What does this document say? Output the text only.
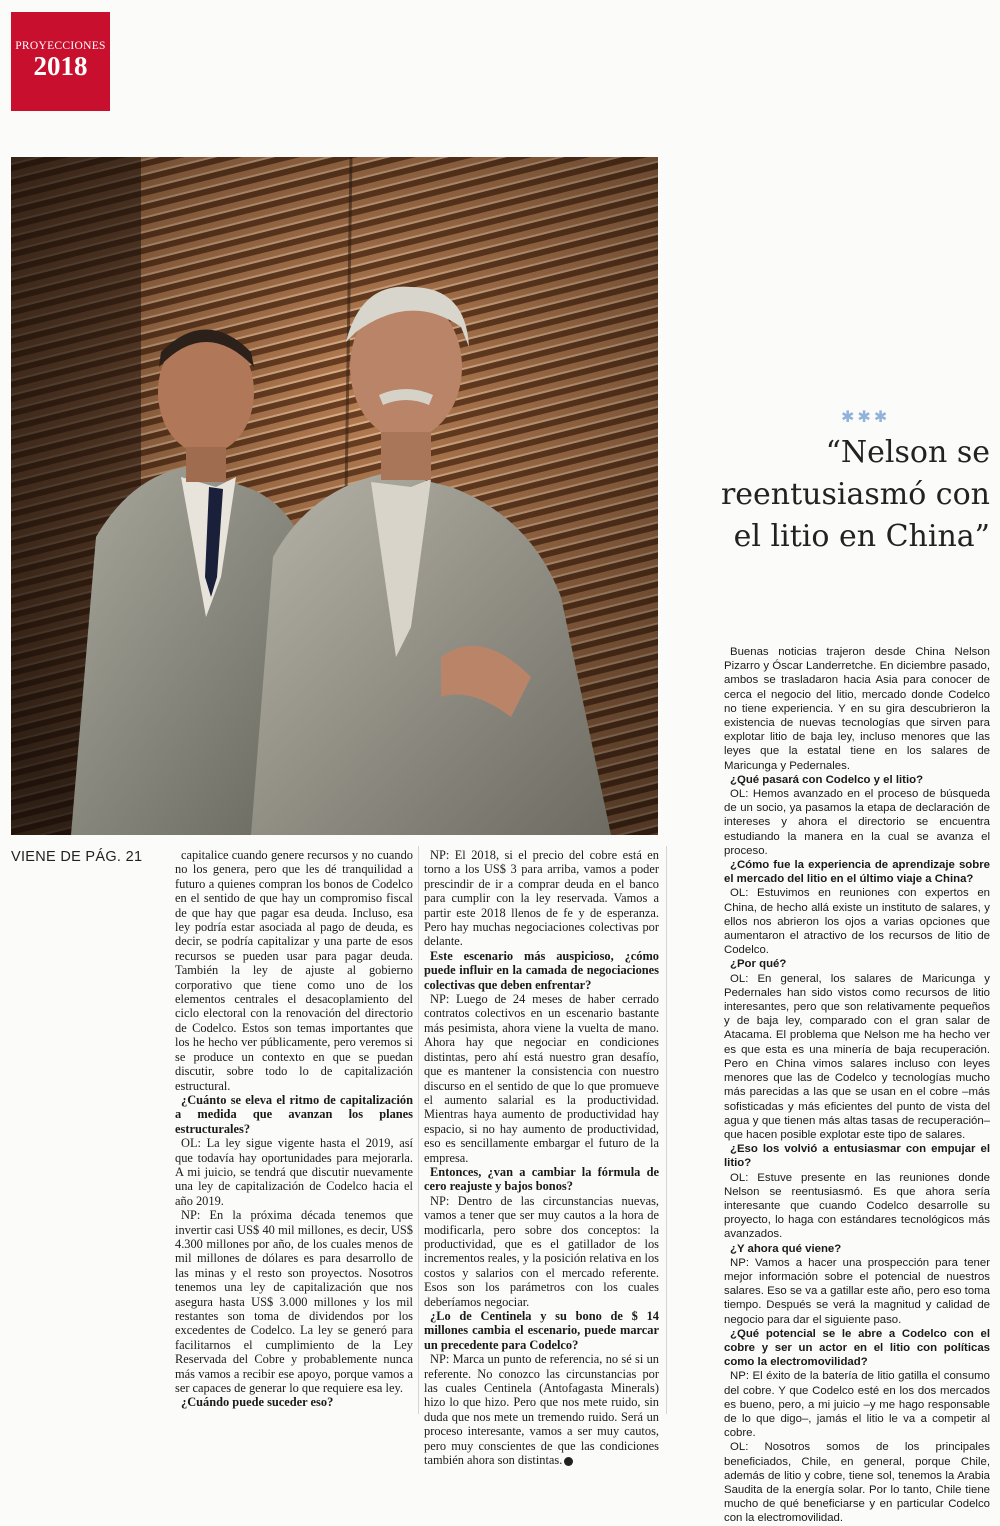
PROYECCIONES
2018
✱✱✱
“Nelson se
reentusiasmó con
el litio en China”
VIENE DE PÁG. 21	capitalice cuando genere recursos y no cuando no los genera, pero que les dé tranquilidad a futuro a quienes compran los bonos de Codelco en el sentido de que hay un compromiso fiscal de que hay que pagar esa deuda. Incluso, esa ley podría estar asociada al pago de deuda, es decir, se podría capitalizar y una parte de esos recursos se pueden usar para pagar deuda. También la ley de ajuste al gobierno corporativo que tiene como uno de los elementos centrales el desacoplamiento del ciclo electoral con la renovación del directorio de Codelco. Estos son temas importantes que los he hecho ver públicamente, pero veremos si se produce un contexto en que se puedan discutir, sobre todo lo de capitalización estructural.

¿Cuánto se eleva el ritmo de capitalización a medida que avanzan los planes estructurales?

OL: La ley sigue vigente hasta el 2019, así que todavía hay oportunidades para mejorarla. A mi juicio, se tendrá que discutir nuevamente una ley de capitalización de Codelco hacia el año 2019.

NP: En la próxima década tenemos que invertir casi US$ 40 mil millones, es decir, US$ 4.300 millones por año, de los cuales menos de mil millones de dólares es para desarrollo de las minas y el resto son proyectos. Nosotros tenemos una ley de capitalización que nos asegura hasta US$ 3.000 millones y los mil restantes son toma de dividendos por los excedentes de Codelco. La ley se generó para facilitarnos el cumplimiento de la Ley Reservada del Cobre y probablemente nunca más vamos a recibir ese apoyo, porque vamos a ser capaces de generar lo que requiere esa ley.

¿Cuándo puede suceder eso?

NP: El 2018, si el precio del cobre está en torno a los US$ 3 para arriba, vamos a poder prescindir de ir a comprar deuda en el banco para cumplir con la ley reservada. Vamos a partir este 2018 llenos de fe y de esperanza. Pero hay muchas negociaciones colectivas por delante.

Este escenario más auspicioso, ¿cómo puede influir en la camada de negociaciones colectivas que deben enfrentar?

NP: Luego de 24 meses de haber cerrado contratos colectivos en un escenario bastante más pesimista, ahora viene la vuelta de mano. Ahora hay que negociar en condiciones distintas, pero ahí está nuestro gran desafío, que es mantener la consistencia con nuestro discurso en el sentido de que lo que promueve el aumento salarial es la productividad. Mientras haya aumento de productividad hay espacio, si no hay aumento de productividad, eso es sencillamente embargar el futuro de la empresa.

Entonces, ¿van a cambiar la fórmula de cero reajuste y bajos bonos?

NP: Dentro de las circunstancias nuevas, vamos a tener que ser muy cautos a la hora de modificarla, pero sobre dos conceptos: la productividad, que es el gatillador de los incrementos reales, y la posición relativa en los costos y salarios con el mercado referente. Esos son los parámetros con los cuales deberíamos negociar.

¿Lo de Centinela y su bono de $ 14 millones cambia el escenario, puede marcar un precedente para Codelco?

NP: Marca un punto de referencia, no sé si un referente. No conozco las circunstancias por las cuales Centinela (Antofagasta Minerals) hizo lo que hizo. Pero que nos mete ruido, sin duda que nos mete un tremendo ruido. Será un proceso interesante, vamos a ser muy cautos, pero muy conscientes de que las condiciones también ahora son distintas.

Buenas noticias trajeron desde China Nelson Pizarro y Óscar Landerretche. En diciembre pasado, ambos se trasladaron hacia Asia para conocer de cerca el negocio del litio, mercado donde Codelco no tiene experiencia. Y en su gira descubrieron la existencia de nuevas tecnologías que sirven para explotar litio de baja ley, incluso menores que las leyes que la estatal tiene en los salares de Maricunga y Pedernales.

¿Qué pasará con Codelco y el litio?

OL: Hemos avanzado en el proceso de búsqueda de un socio, ya pasamos la etapa de declaración de intereses y ahora el directorio se encuentra estudiando la manera en la cual se avanza el proceso.

¿Cómo fue la experiencia de aprendizaje sobre el mercado del litio en el último viaje a China?

OL: Estuvimos en reuniones con expertos en China, de hecho allá existe un instituto de salares, y ellos nos abrieron los ojos a varias opciones que aumentaron el atractivo de los recursos de litio de Codelco.

¿Por qué?

OL: En general, los salares de Maricunga y Pedernales han sido vistos como recursos de litio interesantes, pero que son relativamente pequeños y de baja ley, comparado con el gran salar de Atacama. El problema que Nelson me ha hecho ver es que esta es una minería de baja recuperación. Pero en China vimos salares incluso con leyes menores que las de Codelco y tecnologías mucho más parecidas a las que se usan en el cobre –más sofisticadas y más eficientes del punto de vista del agua y que tienen más altas tasas de recuperación– que hacen posible explotar este tipo de salares.

¿Eso los volvió a entusiasmar con empujar el litio?

OL: Estuve presente en las reuniones donde Nelson se reentusiasmó. Es que ahora sería interesante que cuando Codelco desarrolle su proyecto, lo haga con estándares tecnológicos más avanzados.

¿Y ahora qué viene?

NP: Vamos a hacer una prospección para tener mejor información sobre el potencial de nuestros salares. Eso se va a gatillar este año, pero eso toma tiempo. Después se verá la magnitud y calidad de negocio para dar el siguiente paso.

¿Qué potencial se le abre a Codelco con el cobre y ser un actor en el litio con políticas como la electromovilidad?

NP: El éxito de la batería de litio gatilla el consumo del cobre. Y que Codelco esté en los dos mercados es bueno, pero, a mi juicio –y me hago responsable de lo que digo–, jamás el litio le va a competir al cobre.

OL: Nosotros somos de los principales beneficiados, Chile, en general, porque Chile, además de litio y cobre, tiene sol, tenemos la Arabia Saudita de la energía solar. Por lo tanto, Chile tiene mucho de qué beneficiarse y en particular Codelco con la electromovilidad.
